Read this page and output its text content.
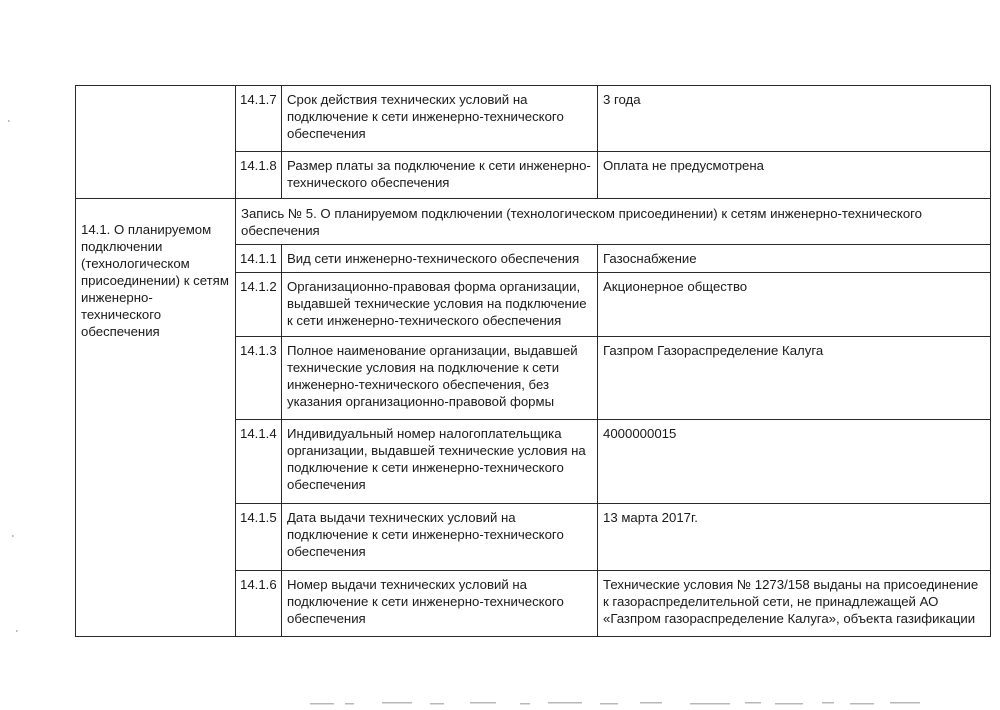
	14.1.7	Срок действия технических условий на подключение к сети инженерно-технического обеспечения	3 года
	14.1.8	Размер платы за подключение к сети инженерно-технического обеспечения	Оплата не предусмотрена
14.1. О планируемом подключении (технологическом присоединении) к сетям инженерно-технического обеспечения	Запись № 5. О планируемом подключении (технологическом присоединении) к сетям инженерно-технического обеспечения		
	14.1.1	Вид сети инженерно-технического обеспечения	Газоснабжение
	14.1.2	Организационно-правовая форма организации, выдавшей технические условия на подключение к сети инженерно-технического обеспечения	Акционерное общество
	14.1.3	Полное наименование организации, выдавшей технические условия на подключение к сети инженерно-технического обеспечения, без указания организационно-правовой формы	Газпром Газораспределение Калуга
	14.1.4	Индивидуальный номер налогоплательщика организации, выдавшей технические условия на подключение к сети инженерно-технического обеспечения	4000000015
	14.1.5	Дата выдачи технических условий на подключение к сети инженерно-технического обеспечения	13 марта 2017г.
	14.1.6	Номер выдачи технических условий на подключение к сети инженерно-технического обеспечения	Технические условия № 1273/158 выданы на присоединение к газораспределительной сети, не принадлежащей АО «Газпром газораспределение Калуга», объекта газификации
